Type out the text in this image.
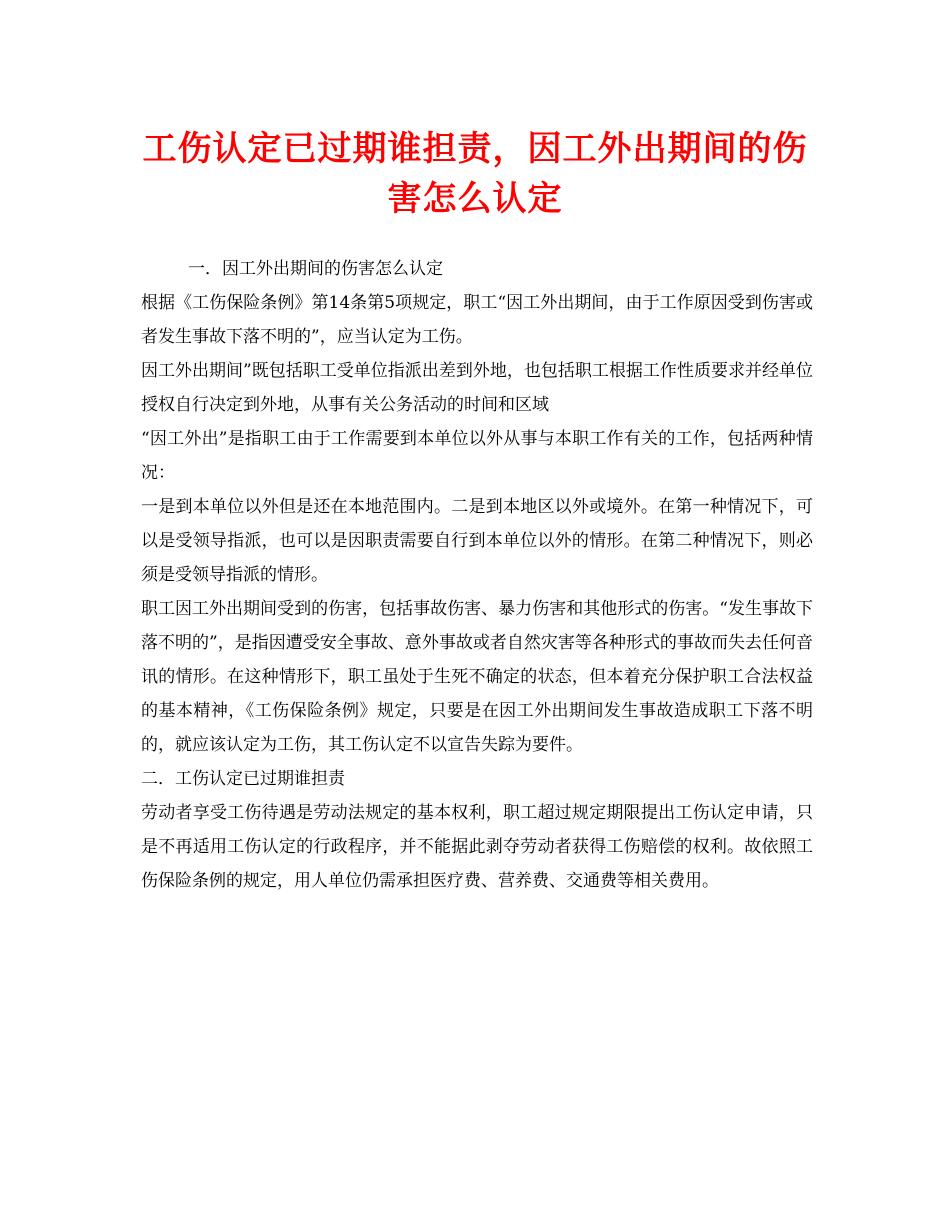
工伤认定已过期谁担责，因工外出期间的伤害怎么认定

一．因工外出期间的伤害怎么认定

根据《工伤保险条例》第14条第5项规定，职工“因工外出期间，由于工作原因受到伤害或者发生事故下落不明的”，应当认定为工伤。

因工外出期间”既包括职工受单位指派出差到外地，也包括职工根据工作性质要求并经单位授权自行决定到外地，从事有关公务活动的时间和区域

“因工外出”是指职工由于工作需要到本单位以外从事与本职工作有关的工作，包括两种情况：

一是到本单位以外但是还在本地范围内。二是到本地区以外或境外。在第一种情况下，可以是受领导指派，也可以是因职责需要自行到本单位以外的情形。在第二种情况下，则必须是受领导指派的情形。

职工因工外出期间受到的伤害，包括事故伤害、暴力伤害和其他形式的伤害。“发生事故下落不明的”，是指因遭受安全事故、意外事故或者自然灾害等各种形式的事故而失去任何音讯的情形。在这种情形下，职工虽处于生死不确定的状态，但本着充分保护职工合法权益的基本精神，《工伤保险条例》规定，只要是在因工外出期间发生事故造成职工下落不明的，就应该认定为工伤，其工伤认定不以宣告失踪为要件。

二．工伤认定已过期谁担责

劳动者享受工伤待遇是劳动法规定的基本权利，职工超过规定期限提出工伤认定申请，只是不再适用工伤认定的行政程序，并不能据此剥夺劳动者获得工伤赔偿的权利。故依照工伤保险条例的规定，用人单位仍需承担医疗费、营养费、交通费等相关费用。
